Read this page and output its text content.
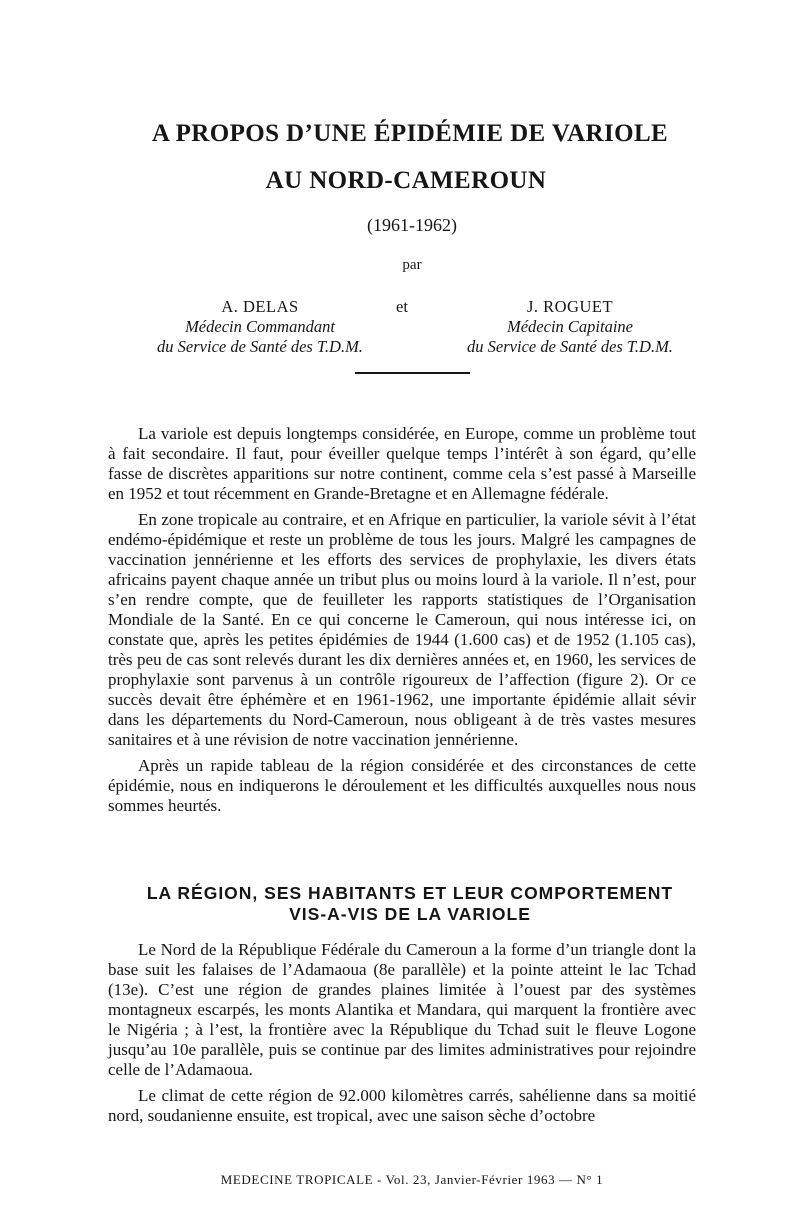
A PROPOS D’UNE ÉPIDÉMIE DE VARIOLE
AU NORD-CAMEROUN
(1961-1962)
par
A. DELAS
Médecin Commandant
du Service de Santé des T.D.M.
et	J. ROGUET
Médecin Capitaine
du Service de Santé des T.D.M.

La variole est depuis longtemps considérée, en Europe, comme un problème tout à fait secondaire. Il faut, pour éveiller quelque temps l’intérêt à son égard, qu’elle fasse de discrètes apparitions sur notre continent, comme cela s’est passé à Marseille en 1952 et tout récemment en Grande-Bretagne et en Allemagne fédérale.

En zone tropicale au contraire, et en Afrique en particulier, la variole sévit à l’état endémo-épidémique et reste un problème de tous les jours. Malgré les campagnes de vaccination jennérienne et les efforts des services de prophylaxie, les divers états africains payent chaque année un tribut plus ou moins lourd à la variole. Il n’est, pour s’en rendre compte, que de feuilleter les rapports statistiques de l’Organisation Mondiale de la Santé. En ce qui concerne le Cameroun, qui nous intéresse ici, on constate que, après les petites épidémies de 1944 (1.600 cas) et de 1952 (1.105 cas), très peu de cas sont relevés durant les dix dernières années et, en 1960, les services de prophylaxie sont parvenus à un contrôle rigoureux de l’affection (figure 2). Or ce succès devait être éphémère et en 1961-1962, une importante épidémie allait sévir dans les départements du Nord-Cameroun, nous obligeant à de très vastes mesures sanitaires et à une révision de notre vaccination jennérienne.

Après un rapide tableau de la région considérée et des circonstances de cette épidémie, nous en indiquerons le déroulement et les difficultés auxquelles nous nous sommes heurtés.

LA RÉGION, SES HABITANTS ET LEUR COMPORTEMENT
VIS-A-VIS DE LA VARIOLE

Le Nord de la République Fédérale du Cameroun a la forme d’un triangle dont la base suit les falaises de l’Adamaoua (8e parallèle) et la pointe atteint le lac Tchad (13e). C’est une région de grandes plaines limitée à l’ouest par des systèmes montagneux escarpés, les monts Alantika et Mandara, qui marquent la frontière avec le Nigéria ; à l’est, la frontière avec la République du Tchad suit le fleuve Logone jusqu’au 10e parallèle, puis se continue par des limites administratives pour rejoindre celle de l’Adamaoua.

Le climat de cette région de 92.000 kilomètres carrés, sahélienne dans sa moitié nord, soudanienne ensuite, est tropical, avec une saison sèche d’octobre

MEDECINE TROPICALE - Vol. 23, Janvier-Février 1963 — N° 1
